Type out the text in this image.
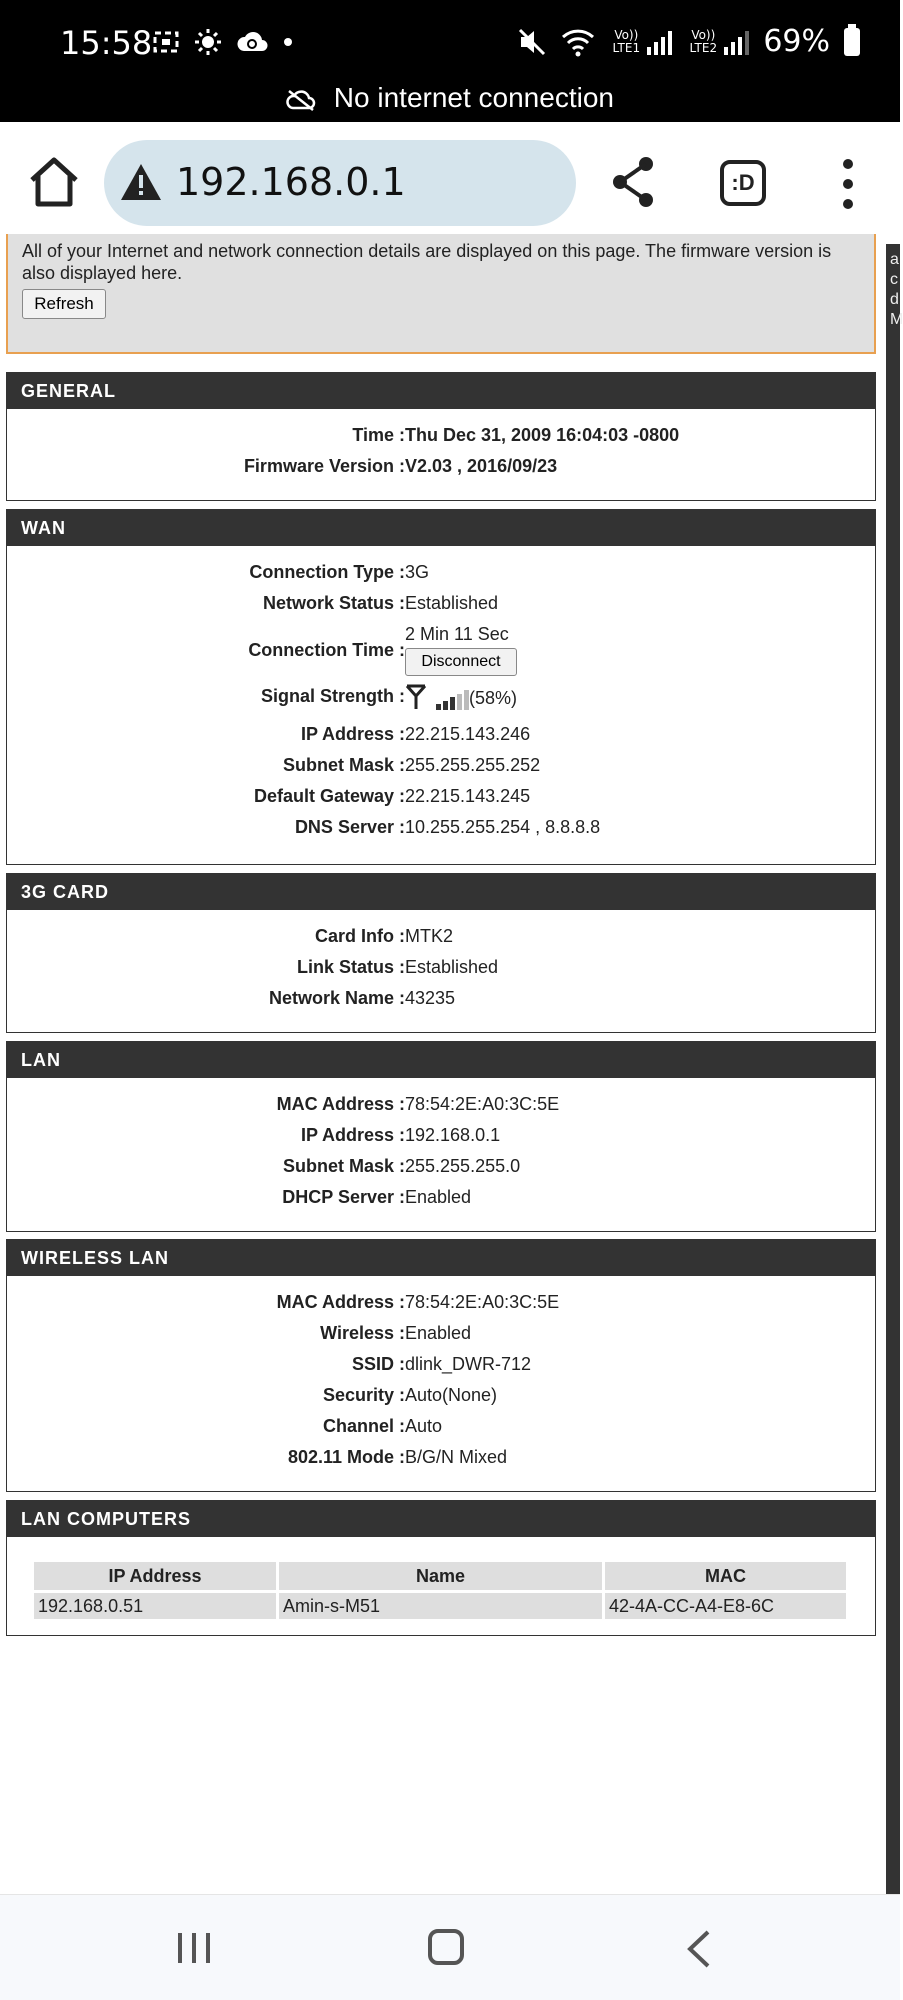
15:58	Vo)) LTE1
Vo)) LTE2 69%
No internet connection
192.168.0.1	:D
All of your Internet and network connection details are displayed on this page. The firmware version is also displayed here.
Refresh
GENERAL
Time : Thu Dec 31, 2009 16:04:03 -0800
Firmware Version : V2.03 , 2016/09/23
WAN
Connection Type : 3G
Network Status : Established
Connection Time :
2 Min 11 Sec
Disconnect
Signal Strength :
	(58%)
IP Address : 22.215.143.246
Subnet Mask : 255.255.255.252
Default Gateway : 22.215.143.245
DNS Server : 10.255.255.254 , 8.8.8.8
3G CARD
Card Info : MTK2
Link Status : Established
Network Name : 43235
LAN
MAC Address : 78:54:2E:A0:3C:5E
IP Address : 192.168.0.1
Subnet Mask : 255.255.255.0
DHCP Server : Enabled
WIRELESS LAN
MAC Address : 78:54:2E:A0:3C:5E
Wireless : Enabled
SSID : dlink_DWR-712
Security : Auto(None)
Channel : Auto
802.11 Mode : B/G/N Mixed
LAN COMPUTERS
IP Address	Name	MAC
192.168.0.51	Amin-s-M51	42-4A-CC-A4-E8-6C
a c d M
